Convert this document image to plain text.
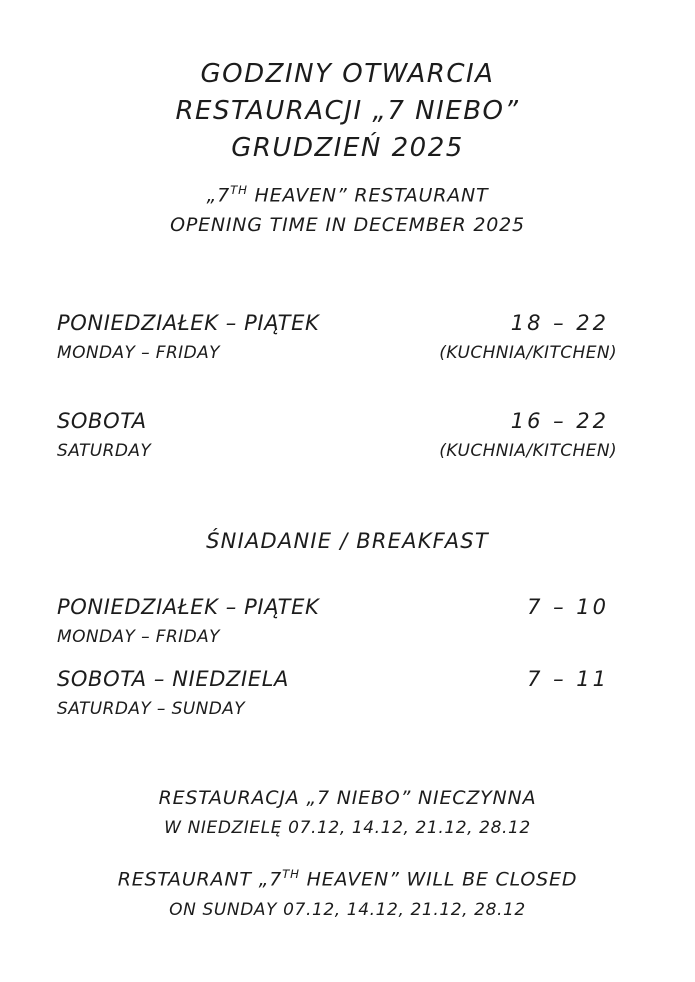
GODZINY OTWARCIA
RESTAURACJI „7 NIEBO”
GRUDZIEŃ 2025
„7TH HEAVEN” RESTAURANT
OPENING TIME IN DECEMBER 2025
PONIEDZIAŁEK – PIĄTEK	18 – 22
MONDAY – FRIDAY	(KUCHNIA/KITCHEN)
SOBOTA	16 – 22
SATURDAY	(KUCHNIA/KITCHEN)
ŚNIADANIE / BREAKFAST
PONIEDZIAŁEK – PIĄTEK	7 – 10
MONDAY – FRIDAY
SOBOTA – NIEDZIELA	7 – 11
SATURDAY – SUNDAY
RESTAURACJA „7 NIEBO” NIECZYNNA
W NIEDZIELĘ 07.12, 14.12, 21.12, 28.12
RESTAURANT „7TH HEAVEN” WILL BE CLOSED
ON SUNDAY 07.12, 14.12, 21.12, 28.12
